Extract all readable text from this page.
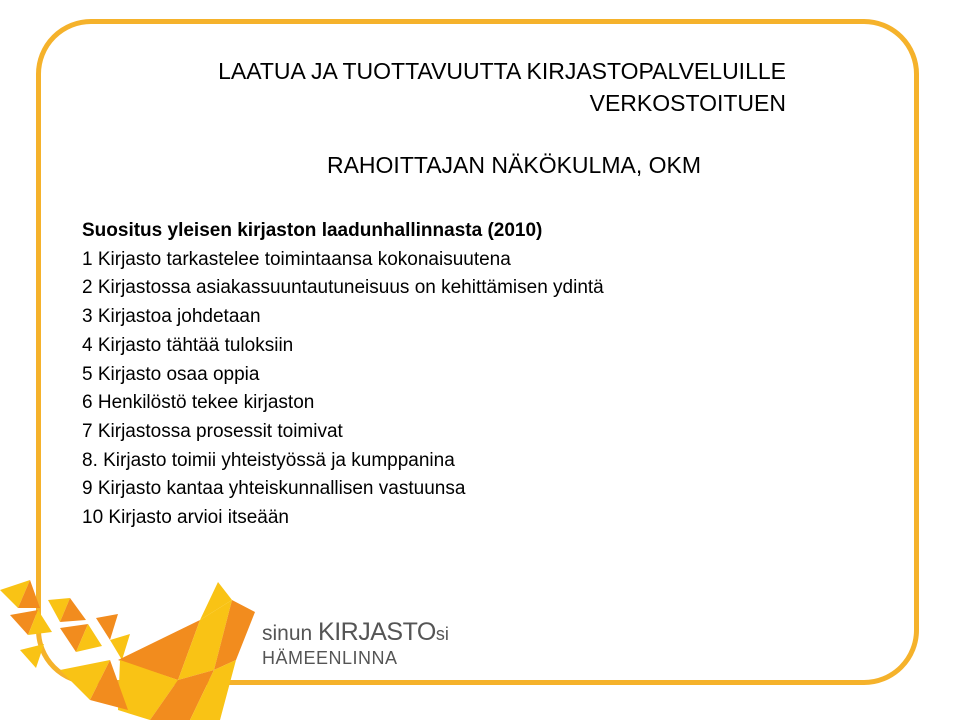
LAATUA JA TUOTTAVUUTTA KIRJASTOPALVELUILLE VERKOSTOITUEN
RAHOITTAJAN NÄKÖKULMA, OKM
Suositus yleisen kirjaston laadunhallinnasta (2010)
1 Kirjasto tarkastelee toimintaansa kokonaisuutena
2 Kirjastossa asiakassuuntautuneisuus on kehittämisen ydintä
3 Kirjastoa johdetaan
4 Kirjasto tähtää tuloksiin
5 Kirjasto osaa oppia
6 Henkilöstö tekee kirjaston
7 Kirjastossa prosessit toimivat
8. Kirjasto toimii yhteistyössä ja kumppanina
9 Kirjasto kantaa yhteiskunnallisen vastuunsa
10 Kirjasto arvioi itseään
sinun KIRJASTOsi
HÄMEENLINNA
